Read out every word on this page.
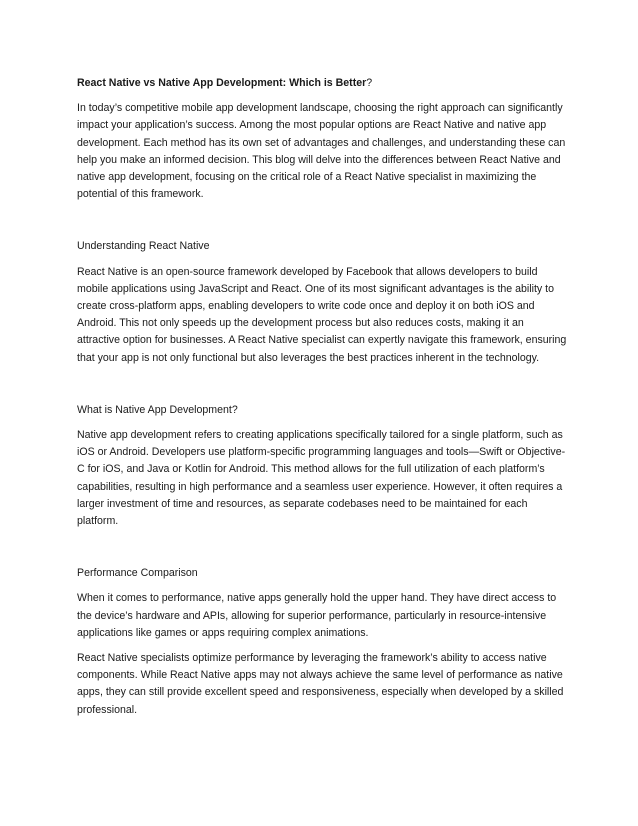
React Native vs Native App Development: Which is Better?

In today’s competitive mobile app development landscape, choosing the right approach can significantly impact your application’s success. Among the most popular options are React Native and native app development. Each method has its own set of advantages and challenges, and understanding these can help you make an informed decision. This blog will delve into the differences between React Native and native app development, focusing on the critical role of a React Native specialist in maximizing the potential of this framework.

Understanding React Native

React Native is an open-source framework developed by Facebook that allows developers to build mobile applications using JavaScript and React. One of its most significant advantages is the ability to create cross-platform apps, enabling developers to write code once and deploy it on both iOS and Android. This not only speeds up the development process but also reduces costs, making it an attractive option for businesses. A React Native specialist can expertly navigate this framework, ensuring that your app is not only functional but also leverages the best practices inherent in the technology.

What is Native App Development?

Native app development refers to creating applications specifically tailored for a single platform, such as iOS or Android. Developers use platform-specific programming languages and tools—Swift or Objective-C for iOS, and Java or Kotlin for Android. This method allows for the full utilization of each platform’s capabilities, resulting in high performance and a seamless user experience. However, it often requires a larger investment of time and resources, as separate codebases need to be maintained for each platform.

Performance Comparison

When it comes to performance, native apps generally hold the upper hand. They have direct access to the device’s hardware and APIs, allowing for superior performance, particularly in resource-intensive applications like games or apps requiring complex animations.

React Native specialists optimize performance by leveraging the framework’s ability to access native components. While React Native apps may not always achieve the same level of performance as native apps, they can still provide excellent speed and responsiveness, especially when developed by a skilled professional.
